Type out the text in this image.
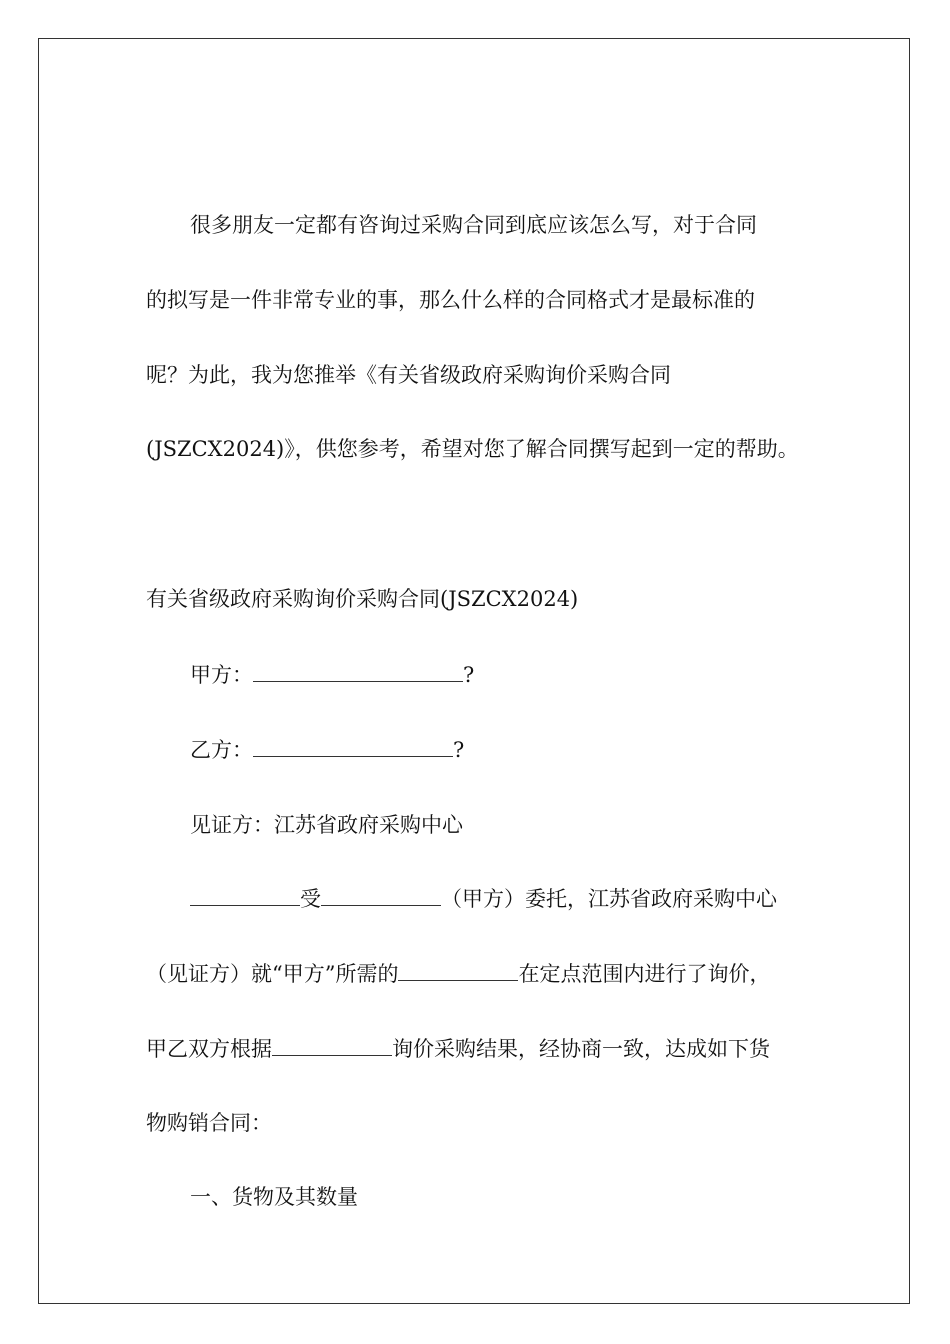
很多朋友一定都有咨询过采购合同到底应该怎么写，对于合同
的拟写是一件非常专业的事，那么什么样的合同格式才是最标准的
呢？为此，我为您推举《有关省级政府采购询价采购合同
(JSZCX2024)》，供您参考，希望对您了解合同撰写起到一定的帮助。
有关省级政府采购询价采购合同(JSZCX2024)
甲方：	?
乙方：	?
见证方：江苏省政府采购中心
受	（甲方）委托，江苏省政府采购中心
（见证方）就“甲方”所需的	在定点范围内进行了询价，
甲乙双方根据	询价采购结果，经协商一致，达成如下货
物购销合同：
一、货物及其数量
